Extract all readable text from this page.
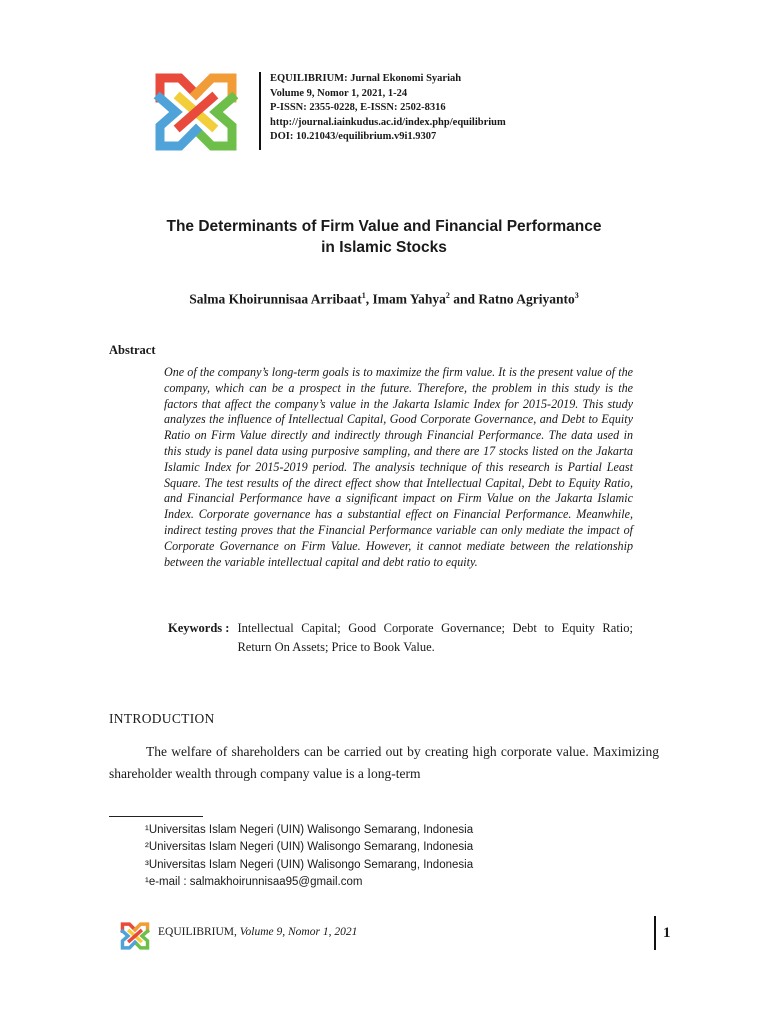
EQUILIBRIUM: Jurnal Ekonomi Syariah
Volume 9, Nomor 1, 2021, 1-24
P-ISSN: 2355-0228, E-ISSN: 2502-8316
http://journal.iainkudus.ac.id/index.php/equilibrium
DOI: 10.21043/equilibrium.v9i1.9307
The Determinants of Firm Value and Financial Performance
in Islamic Stocks
Salma Khoirunnisaa Arribaat$^1$, Imam Yahya$^2$ and Ratno Agriyanto$^3$
Abstract
One of the company’s long-term goals is to maximize the firm value. It is the present value of the company, which can be a prospect in the future. Therefore, the problem in this study is the factors that affect the company’s value in the Jakarta Islamic Index for 2015-2019. This study analyzes the influence of Intellectual Capital, Good Corporate Governance, and Debt to Equity Ratio on Firm Value directly and indirectly through Financial Performance. The data used in this study is panel data using purposive sampling, and there are 17 stocks listed on the Jakarta Islamic Index for 2015-2019 period. The analysis technique of this research is Partial Least Square. The test results of the direct effect show that Intellectual Capital, Debt to Equity Ratio, and Financial Performance have a significant impact on Firm Value on the Jakarta Islamic Index. Corporate governance has a substantial effect on Financial Performance. Meanwhile, indirect testing proves that the Financial Performance variable can only mediate the impact of Corporate Governance on Firm Value. However, it cannot mediate between the relationship between the variable intellectual capital and debt ratio to equity.
Keywords : Intellectual Capital; Good Corporate Governance; Debt to Equity Ratio; Return On Assets; Price to Book Value.
INTRODUCTION
The welfare of shareholders can be carried out by creating high corporate value. Maximizing shareholder wealth through company value is a long-term
¹Universitas Islam Negeri (UIN) Walisongo Semarang, Indonesia
²Universitas Islam Negeri (UIN) Walisongo Semarang, Indonesia
³Universitas Islam Negeri (UIN) Walisongo Semarang, Indonesia
¹e-mail : salmakhoirunnisaa95@gmail.com
EQUILIBRIUM, Volume 9, Nomor 1, 2021	1
